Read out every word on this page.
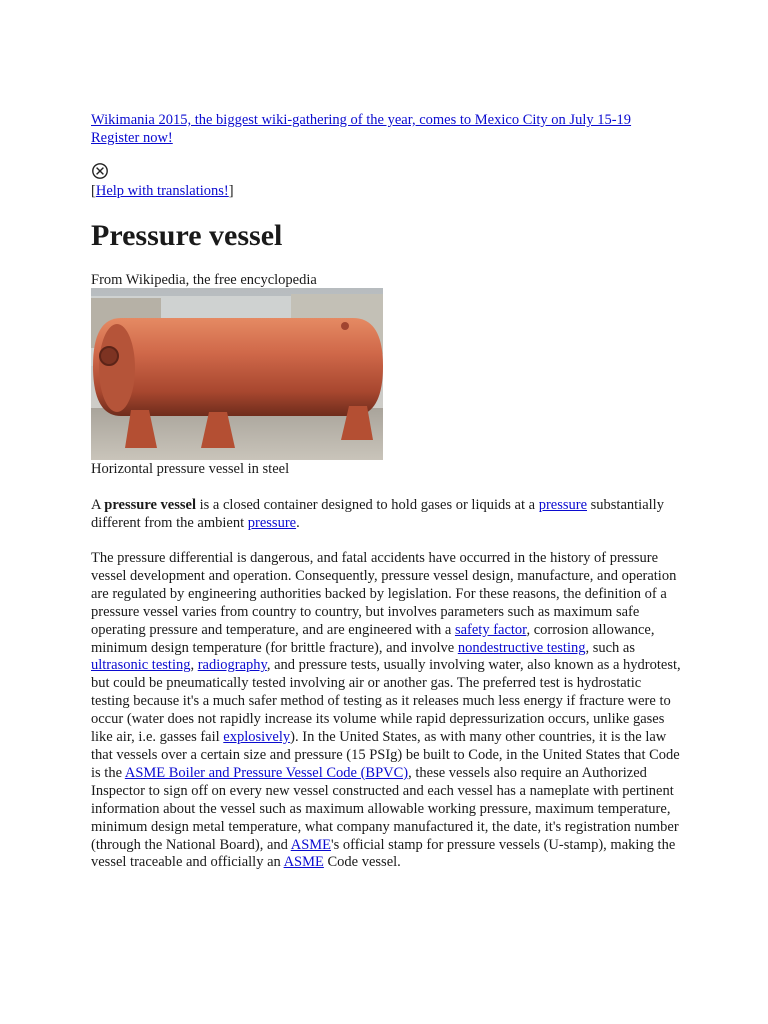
Wikimania 2015, the biggest wiki-gathering of the year, comes to Mexico City on July 15-19
Register now!
[Help with translations!]
Pressure vessel
From Wikipedia, the free encyclopedia
Horizontal pressure vessel in steel

A pressure vessel is a closed container designed to hold gases or liquids at a pressure substantially different from the ambient pressure.

The pressure differential is dangerous, and fatal accidents have occurred in the history of pressure vessel development and operation. Consequently, pressure vessel design, manufacture, and operation are regulated by engineering authorities backed by legislation. For these reasons, the definition of a pressure vessel varies from country to country, but involves parameters such as maximum safe operating pressure and temperature, and are engineered with a safety factor, corrosion allowance, minimum design temperature (for brittle fracture), and involve nondestructive testing, such as ultrasonic testing, radiography, and pressure tests, usually involving water, also known as a hydrotest, but could be pneumatically tested involving air or another gas. The preferred test is hydrostatic testing because it's a much safer method of testing as it releases much less energy if fracture were to occur (water does not rapidly increase its volume while rapid depressurization occurs, unlike gases like air, i.e. gasses fail explosively). In the United States, as with many other countries, it is the law that vessels over a certain size and pressure (15 PSIg) be built to Code, in the United States that Code is the ASME Boiler and Pressure Vessel Code (BPVC), these vessels also require an Authorized Inspector to sign off on every new vessel constructed and each vessel has a nameplate with pertinent information about the vessel such as maximum allowable working pressure, maximum temperature, minimum design metal temperature, what company manufactured it, the date, it's registration number (through the National Board), and ASME's official stamp for pressure vessels (U-stamp), making the vessel traceable and officially an ASME Code vessel.
